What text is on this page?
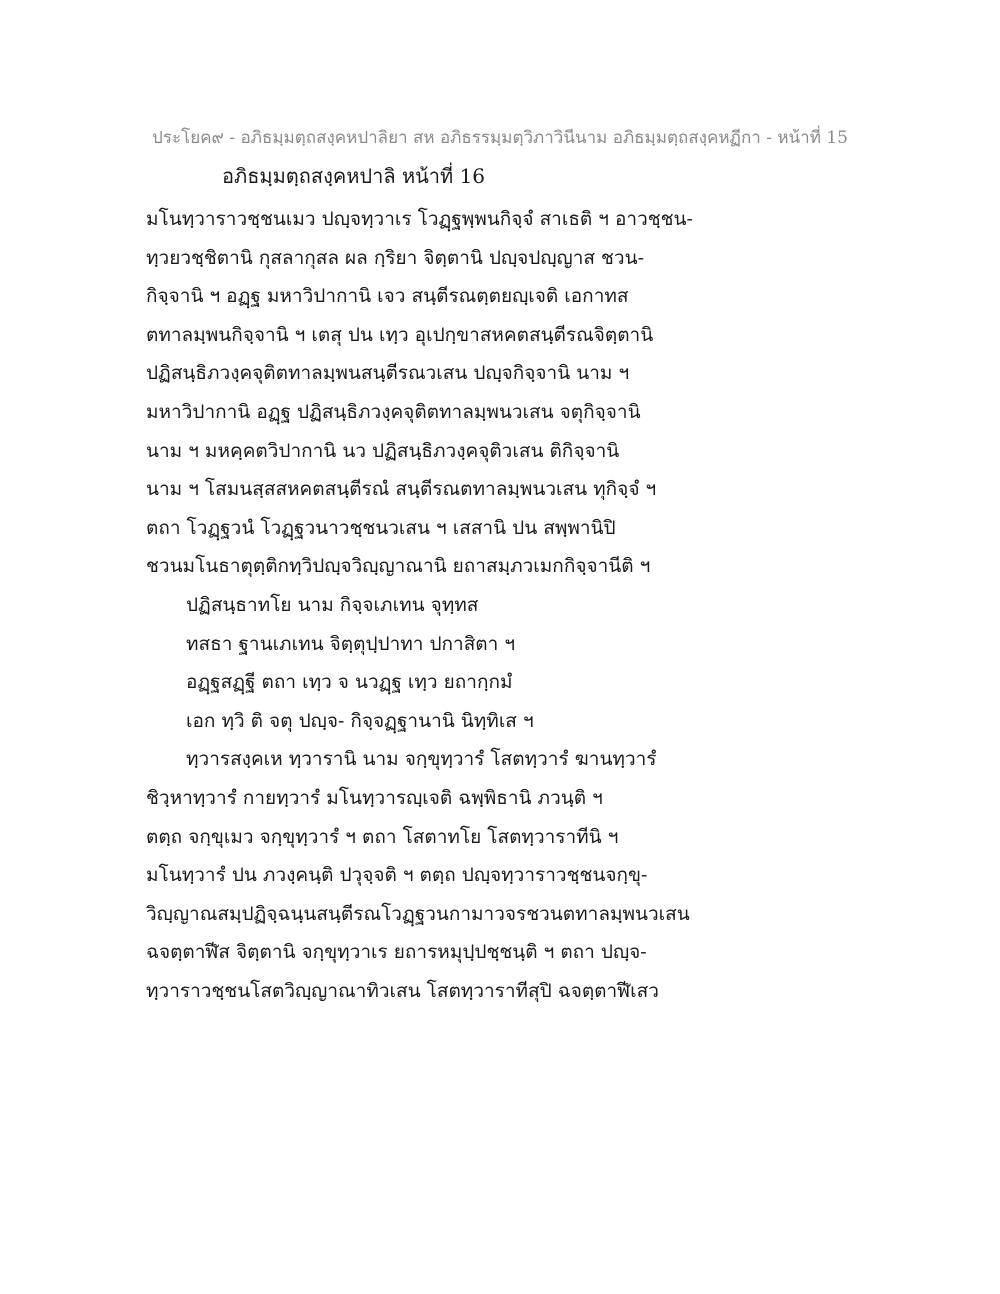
ประโยค๙ - อภิธมฺมตฺถสงฺคหปาลิยา สห อภิธรรมฺมตฺวิภาวินีนาม อภิธมฺมตฺถสงฺคหฏีกา - หน้าที่ 15
อภิธมฺมตฺถสงฺคหปาลิ หน้าที่ 16
มโนทฺวาราวชฺชนเมว ปญฺจทฺวาเร โวฏฺฐพฺพนกิจฺจํ สาเธติ ฯ อาวชฺชน-
ทฺวยวชฺชิตานิ กุสลากุสล ผล กฺริยา จิตฺตานิ ปญฺจปญฺญาส ชวน-
กิจฺจานิ ฯ อฏฺฐ มหาวิปากานิ เจว สนฺตีรณตฺตยญฺเจติ เอกาทส
ตทาลมฺพนกิจฺจานิ ฯ เตสุ ปน เทฺว อุเปกฺขาสหคตสนฺตีรณจิตฺตานิ
ปฏิสนฺธิภวงฺคจุติตทาลมฺพนสนฺตีรณวเสน ปญฺจกิจฺจานิ นาม ฯ
มหาวิปากานิ อฏฺฐ ปฏิสนฺธิภวงฺคจุติตทาลมฺพนวเสน จตุกิจฺจานิ
นาม ฯ มหคฺคตวิปากานิ นว ปฏิสนฺธิภวงฺคจุติวเสน ติกิจฺจานิ
นาม ฯ โสมนสฺสสหคตสนฺตีรณํ สนฺตีรณตทาลมฺพนวเสน ทุกิจฺจํ ฯ
ตถา โวฏฺฐวนํ โวฏฺฐวนาวชฺชนวเสน ฯ เสสานิ ปน สพฺพานิปิ
ชวนมโนธาตุตฺติกทฺวิปญฺจวิญฺญาณานิ ยถาสมฺภวเมกกิจฺจานีติ ฯ
ปฏิสนฺธาทโย นาม กิจฺจเภเทน จุทฺทส
ทสธา ฐานเภเทน จิตฺตุปฺปาทา ปกาสิตา ฯ
อฏฺฐสฏฺฐี ตถา เทฺว จ นวฏฺฐ เทฺว ยถากฺกมํ
เอก ทฺวิ ติ จตุ ปญฺจ- กิจฺจฏฺฐานานิ นิทฺทิเส ฯ
ทฺวารสงฺคเห ทฺวารานิ นาม จกฺขุทฺวารํ โสตทฺวารํ ฆานทฺวารํ
ชิวฺหาทฺวารํ กายทฺวารํ มโนทฺวารญฺเจติ ฉพฺพิธานิ ภวนฺติ ฯ
ตตฺถ จกฺขุเมว จกฺขุทฺวารํ ฯ ตถา โสตาทโย โสตทฺวาราทีนิ ฯ
มโนทฺวารํ ปน ภวงฺคนฺติ ปวุจฺจติ ฯ ตตฺถ ปญฺจทฺวาราวชฺชนจกฺขุ-
วิญฺญาณสมฺปฏิจฺฉนฺนสนฺตีรณโวฏฺฐวนกามาวจรชวนตทาลมฺพนวเสน
ฉจตฺตาฬีส จิตฺตานิ จกฺขุทฺวาเร ยถารหมุปฺปชฺชนฺติ ฯ ตถา ปญฺจ-
ทฺวาราวชฺชนโสตวิญฺญาณาทิวเสน โสตทฺวาราทีสุปิ ฉจตฺตาฬีเสว
